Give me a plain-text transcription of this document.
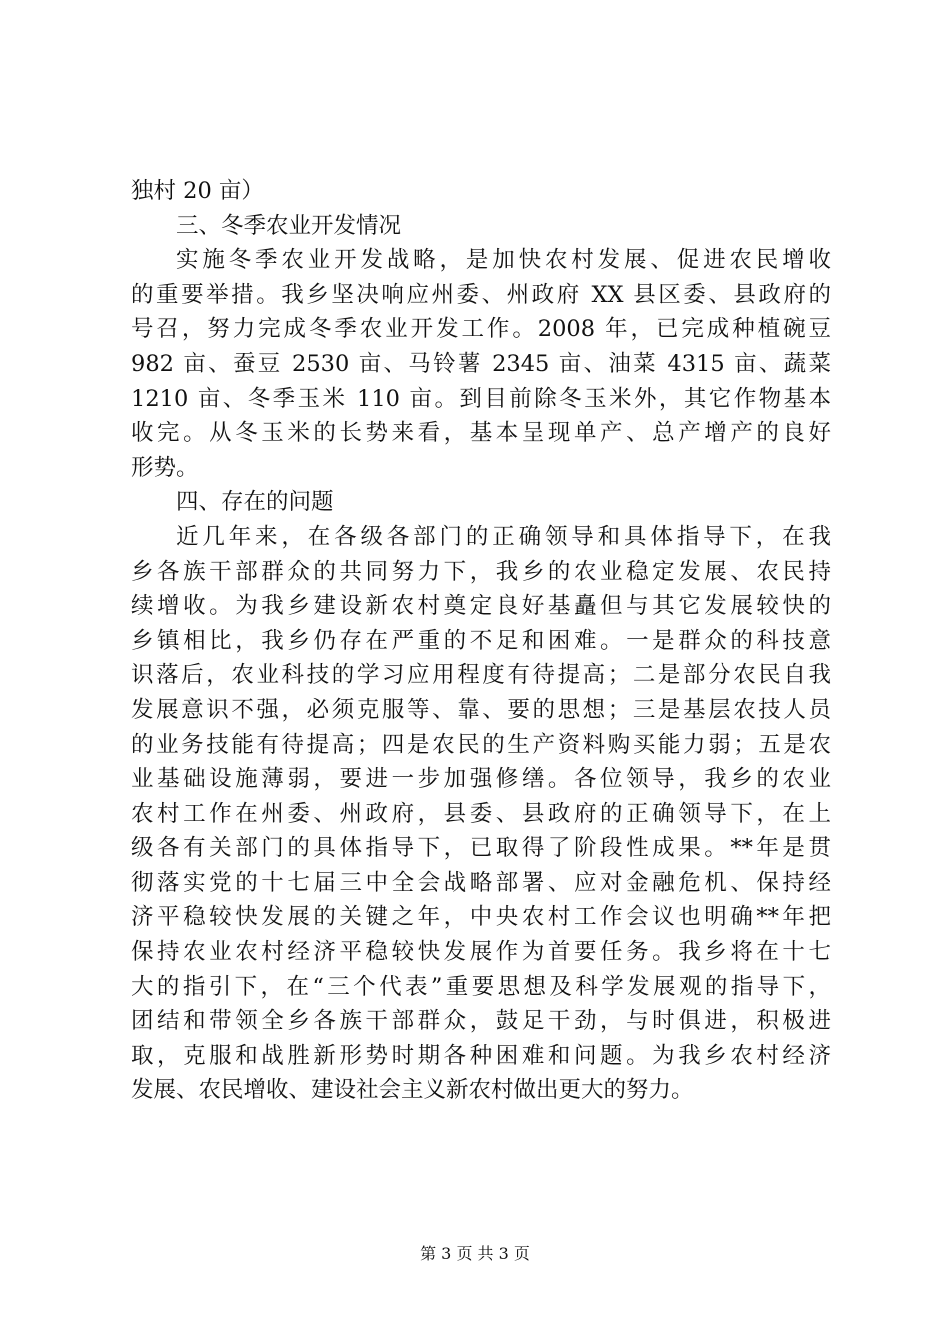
独村 20 亩）
三、冬季农业开发情况
实施冬季农业开发战略，是加快农村发展、促进农民增收
的重要举措。我乡坚决响应州委、州政府 XX 县区委、县政府的
号召，努力完成冬季农业开发工作。2008 年，已完成种植碗豆
982 亩、蚕豆 2530 亩、马铃薯 2345 亩、油菜 4315 亩、蔬菜
1210 亩、冬季玉米 110 亩。到目前除冬玉米外，其它作物基本
收完。从冬玉米的长势来看，基本呈现单产、总产增产的良好
形势。
四、存在的问题
近几年来，在各级各部门的正确领导和具体指导下，在我
乡各族干部群众的共同努力下，我乡的农业稳定发展、农民持
续增收。为我乡建设新农村奠定良好基矗但与其它发展较快的
乡镇相比，我乡仍存在严重的不足和困难。一是群众的科技意
识落后，农业科技的学习应用程度有待提高；二是部分农民自我
发展意识不强，必须克服等、靠、要的思想；三是基层农技人员
的业务技能有待提高；四是农民的生产资料购买能力弱；五是农
业基础设施薄弱，要进一步加强修缮。各位领导，我乡的农业
农村工作在州委、州政府，县委、县政府的正确领导下，在上
级各有关部门的具体指导下，已取得了阶段性成果。**年是贯
彻落实党的十七届三中全会战略部署、应对金融危机、保持经
济平稳较快发展的关键之年，中央农村工作会议也明确**年把
保持农业农村经济平稳较快发展作为首要任务。我乡将在十七
大的指引下，在“三个代表”重要思想及科学发展观的指导下，
团结和带领全乡各族干部群众，鼓足干劲，与时俱进，积极进
取，克服和战胜新形势时期各种困难和问题。为我乡农村经济
发展、农民增收、建设社会主义新农村做出更大的努力。
第 3 页 共 3 页
